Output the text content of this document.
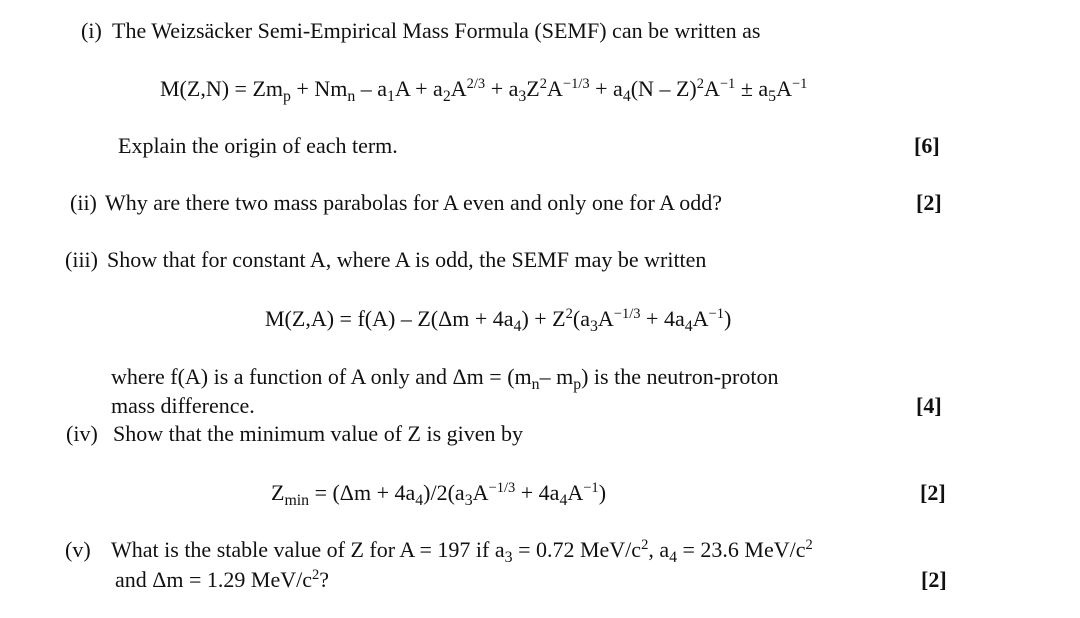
(i) The Weizsäcker Semi-Empirical Mass Formula (SEMF) can be written as
$M(Z,N) = Zm_p + Nm_n - a_1A + a_2A^{2/3} + a_3Z^2A^{-1/3} + a_4(N - Z)^2A^{-1} \pm a_5A^{-1}$
Explain the origin of each term.	[6]
(ii) Why are there two mass parabolas for A even and only one for A odd?	[2]
(iii) Show that for constant A, where A is odd, the SEMF may be written
$M(Z,A) = f(A) - Z(\Delta m + 4a_4) + Z^2(a_3A^{-1/3} + 4a_4A^{-1})$
where f(A) is a function of A only and $\Delta m = (m_n-$ $m_p$) is the neutron-proton
mass difference.	[4]
(iv) Show that the minimum value of Z is given by
$Z_{min} = (\Delta m + 4a_4)/2(a_3A^{-1/3} + 4a_4A^{-1})$	[2]
(v) What is the stable value of Z for A = 197 if $a_3 = 0.72$ MeV/$c^2$, $a_4 = 23.6$ MeV/$c^2$
and Δm = 1.29 MeV/$c^2$?	[2]
